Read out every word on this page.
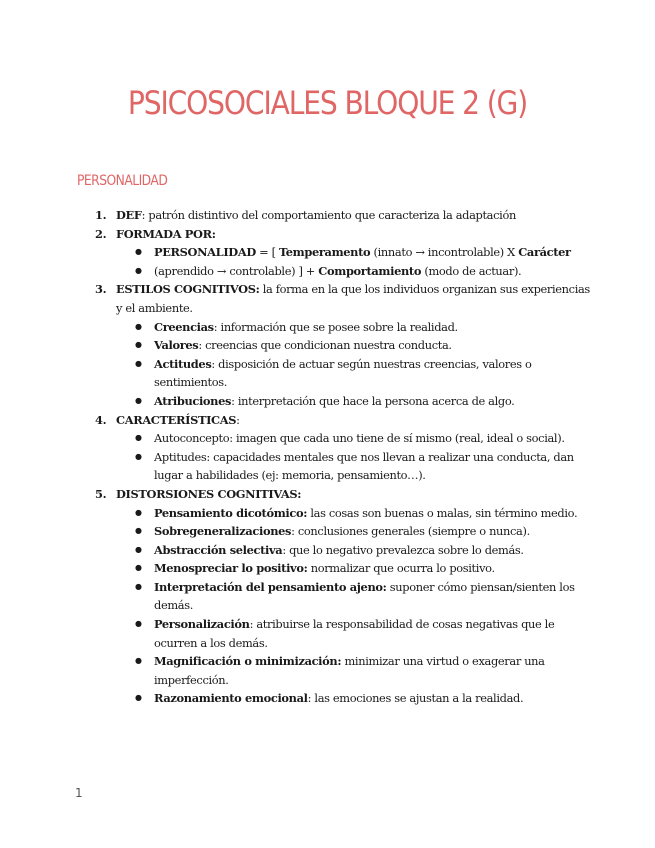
PSICOSOCIALES BLOQUE 2 (G)
PERSONALIDAD
1. DEF: patrón distintivo del comportamiento que caracteriza la adaptación
2. FORMADA POR:
● PERSONALIDAD = [ Temperamento (innato → incontrolable) X Carácter
● (aprendido → controlable) ] + Comportamiento (modo de actuar).
3. ESTILOS COGNITIVOS: la forma en la que los individuos organizan sus experiencias y el ambiente.
● Creencias: información que se posee sobre la realidad.
● Valores: creencias que condicionan nuestra conducta.
● Actitudes: disposición de actuar según nuestras creencias, valores o sentimientos.
● Atribuciones: interpretación que hace la persona acerca de algo.
4. CARACTERÍSTICAS:
● Autoconcepto: imagen que cada uno tiene de sí mismo (real, ideal o social).
● Aptitudes: capacidades mentales que nos llevan a realizar una conducta, dan lugar a habilidades (ej: memoria, pensamiento…).
5. DISTORSIONES COGNITIVAS:
● Pensamiento dicotómico: las cosas son buenas o malas, sin término medio.
● Sobregeneralizaciones: conclusiones generales (siempre o nunca).
● Abstracción selectiva: que lo negativo prevalezca sobre lo demás.
● Menospreciar lo positivo: normalizar que ocurra lo positivo.
● Interpretación del pensamiento ajeno: suponer cómo piensan/sienten los demás.
● Personalización: atribuirse la responsabilidad de cosas negativas que le ocurren a los demás.
● Magnificación o minimización: minimizar una virtud o exagerar una imperfección.
● Razonamiento emocional: las emociones se ajustan a la realidad.
1
